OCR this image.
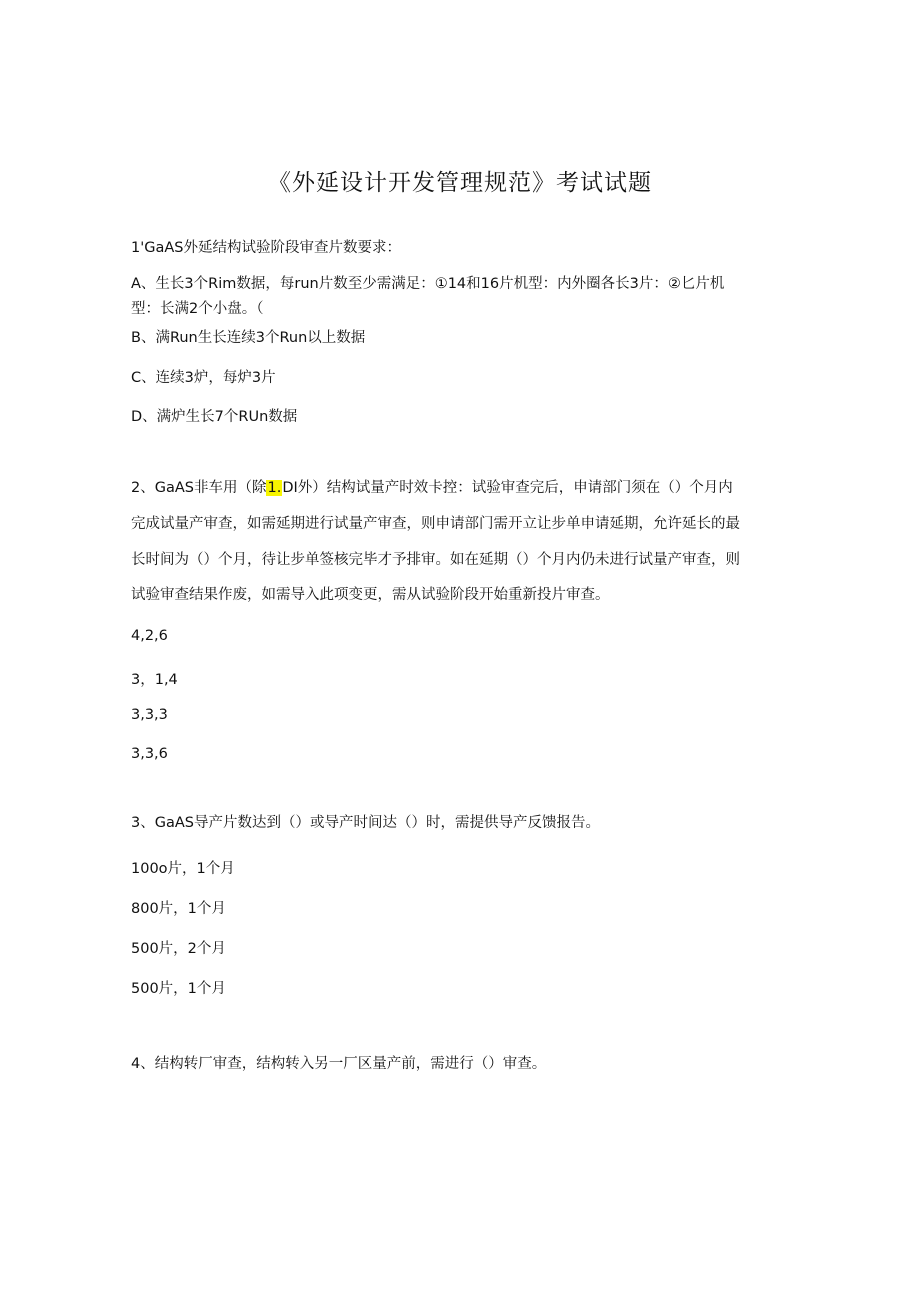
《外延设计开发管理规范》考试试题
1'GaAS外延结构试验阶段审查片数要求：
A、生长3个Rim数据，每run片数至少需满足：①14和16片机型：内外圈各长3片：②匕片机
型：长满2个小盘。（
B、满Run生长连续3个Run以上数据
C、连续3炉，每炉3片
D、满炉生长7个RUn数据
2、GaAS非车用（除1.DI外）结构试量产时效卡控：试验审查完后，申请部门须在（）个月内
完成试量产审查，如需延期进行试量产审查，则申请部门需开立让步单申请延期，允许延长的最
长时间为（）个月，待让步单签核完毕才予排审。如在延期（）个月内仍未进行试量产审查，则
试验审查结果作废，如需导入此项变更，需从试验阶段开始重新投片审查。
4,2,6
3，1,4
3,3,3
3,3,6
3、GaAS导产片数达到（）或导产时间达（）时，需提供导产反馈报告。
100o片，1个月
800片，1个月
500片，2个月
500片，1个月
4、结构转厂审查，结构转入另一厂区量产前，需进行（）审查。
